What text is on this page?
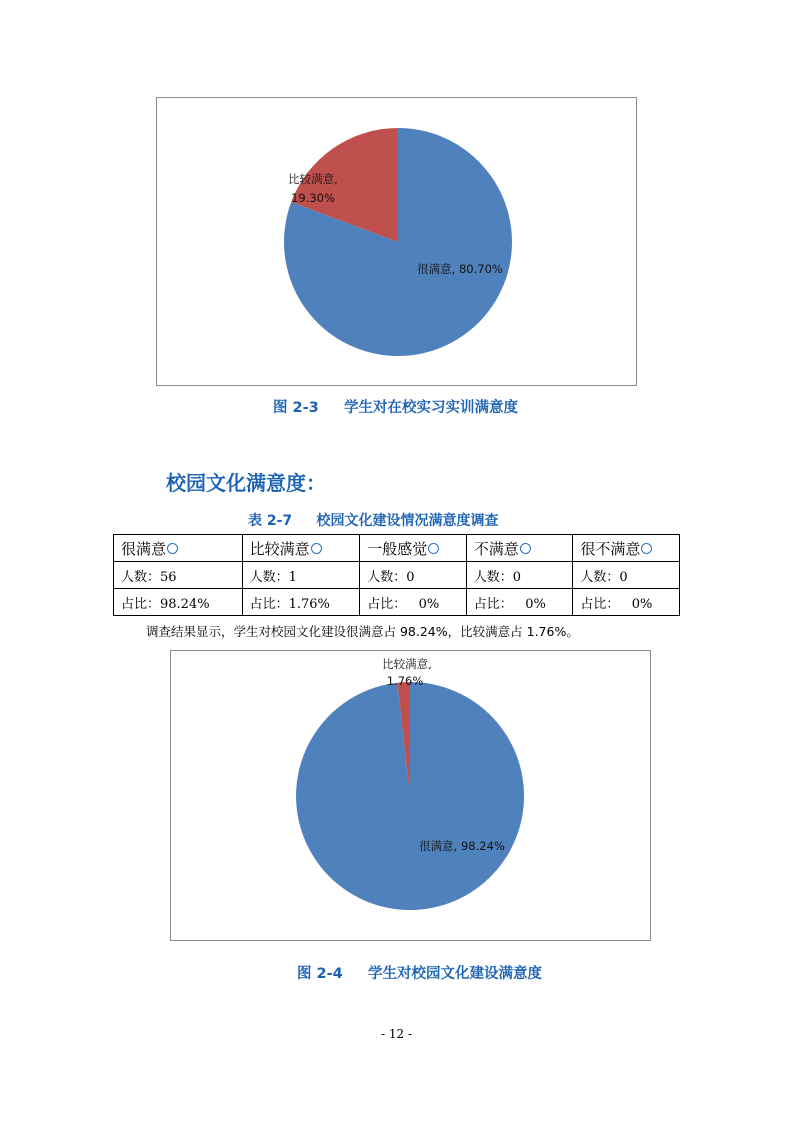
比较满意,
19.30%
很满意, 80.70%
图 2-3     学生对在校实习实训满意度
校园文化满意度：
表 2-7     校园文化建设情况满意度调查
很满意	比较满意	一般感觉	不满意	很不满意
人数：56	人数：1	人数：0	人数：0	人数：0
占比：98.24%	占比：1.76%	占比：   0%	占比：   0%	占比：   0%
调查结果显示，学生对校园文化建设很满意占 98.24%，比较满意占 1.76%。
比较满意,
1.76%
很满意, 98.24%
图 2-4     学生对校园文化建设满意度
- 12 -
